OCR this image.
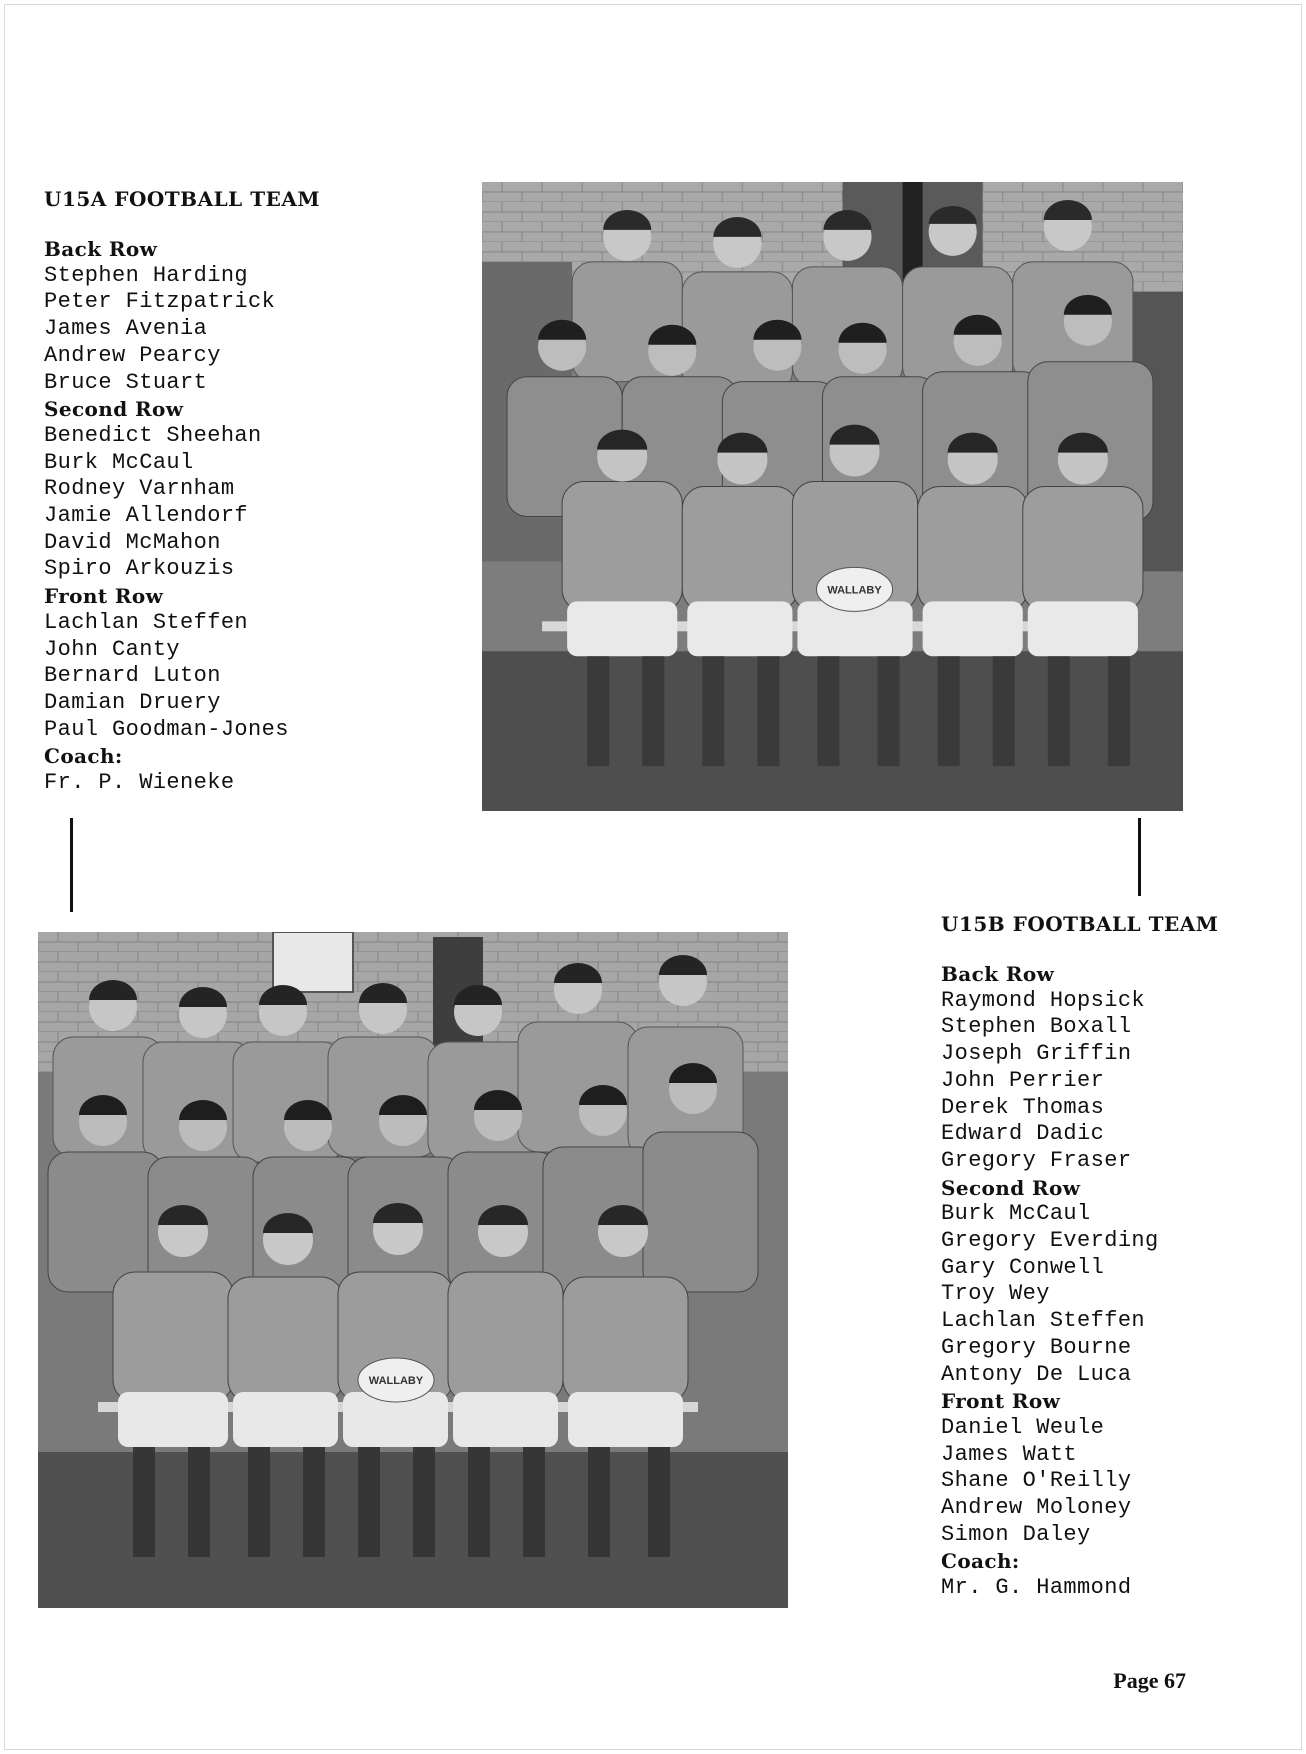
U15A FOOTBALL TEAM
Back Row
Stephen Harding
Peter Fitzpatrick
James Avenia
Andrew Pearcy
Bruce Stuart
Second Row
Benedict Sheehan
Burk McCaul
Rodney Varnham
Jamie Allendorf
David McMahon
Spiro Arkouzis
Front Row
Lachlan Steffen
John Canty
Bernard Luton
Damian Druery
Paul Goodman-Jones
Coach:
Fr. P. Wieneke
WALLABY
WALLABY
U15B FOOTBALL TEAM
Back Row
Raymond Hopsick
Stephen Boxall
Joseph Griffin
John Perrier
Derek Thomas
Edward Dadic
Gregory Fraser
Second Row
Burk McCaul
Gregory Everding
Gary Conwell
Troy Wey
Lachlan Steffen
Gregory Bourne
Antony De Luca
Front Row
Daniel Weule
James Watt
Shane O'Reilly
Andrew Moloney
Simon Daley
Coach:
Mr. G. Hammond
Page 67
